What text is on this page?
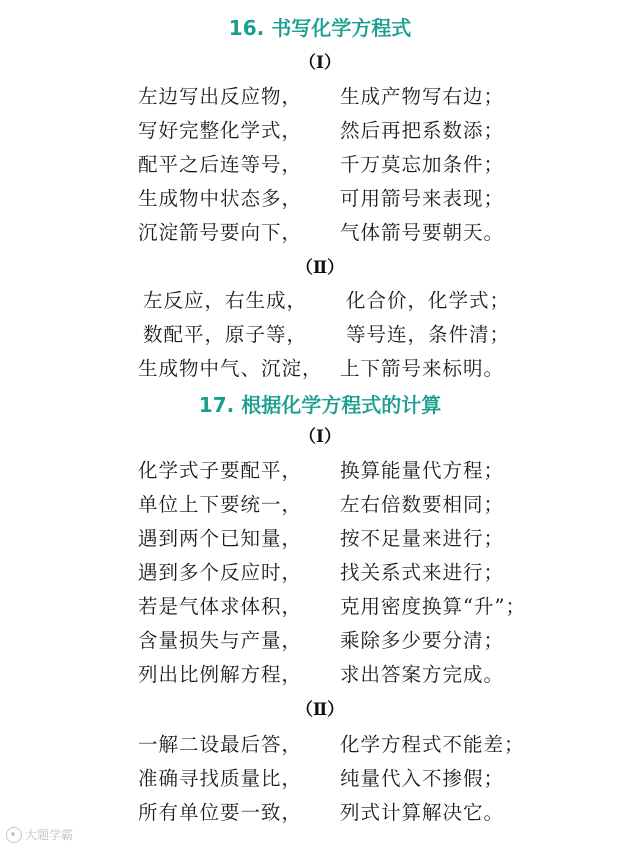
16. 书写化学方程式
（Ⅰ）
左边写出反应物， 生成产物写右边；
写好完整化学式， 然后再把系数添；
配平之后连等号， 千万莫忘加条件；
生成物中状态多， 可用箭号来表现；
沉淀箭号要向下， 气体箭号要朝天。
（Ⅱ）
左反应，右生成， 化合价，化学式；
数配平，原子等， 等号连，条件清；
生成物中气、沉淀， 上下箭号来标明。
17. 根据化学方程式的计算
（Ⅰ）
化学式子要配平， 换算能量代方程；
单位上下要统一， 左右倍数要相同；
遇到两个已知量， 按不足量来进行；
遇到多个反应时， 找关系式来进行；
若是气体求体积， 克用密度换算“升”；
含量损失与产量， 乘除多少要分清；
列出比例解方程， 求出答案方完成。
（Ⅱ）
一解二设最后答， 化学方程式不能差；
准确寻找质量比， 纯量代入不掺假；
所有单位要一致， 列式计算解决它。
大题学霸
